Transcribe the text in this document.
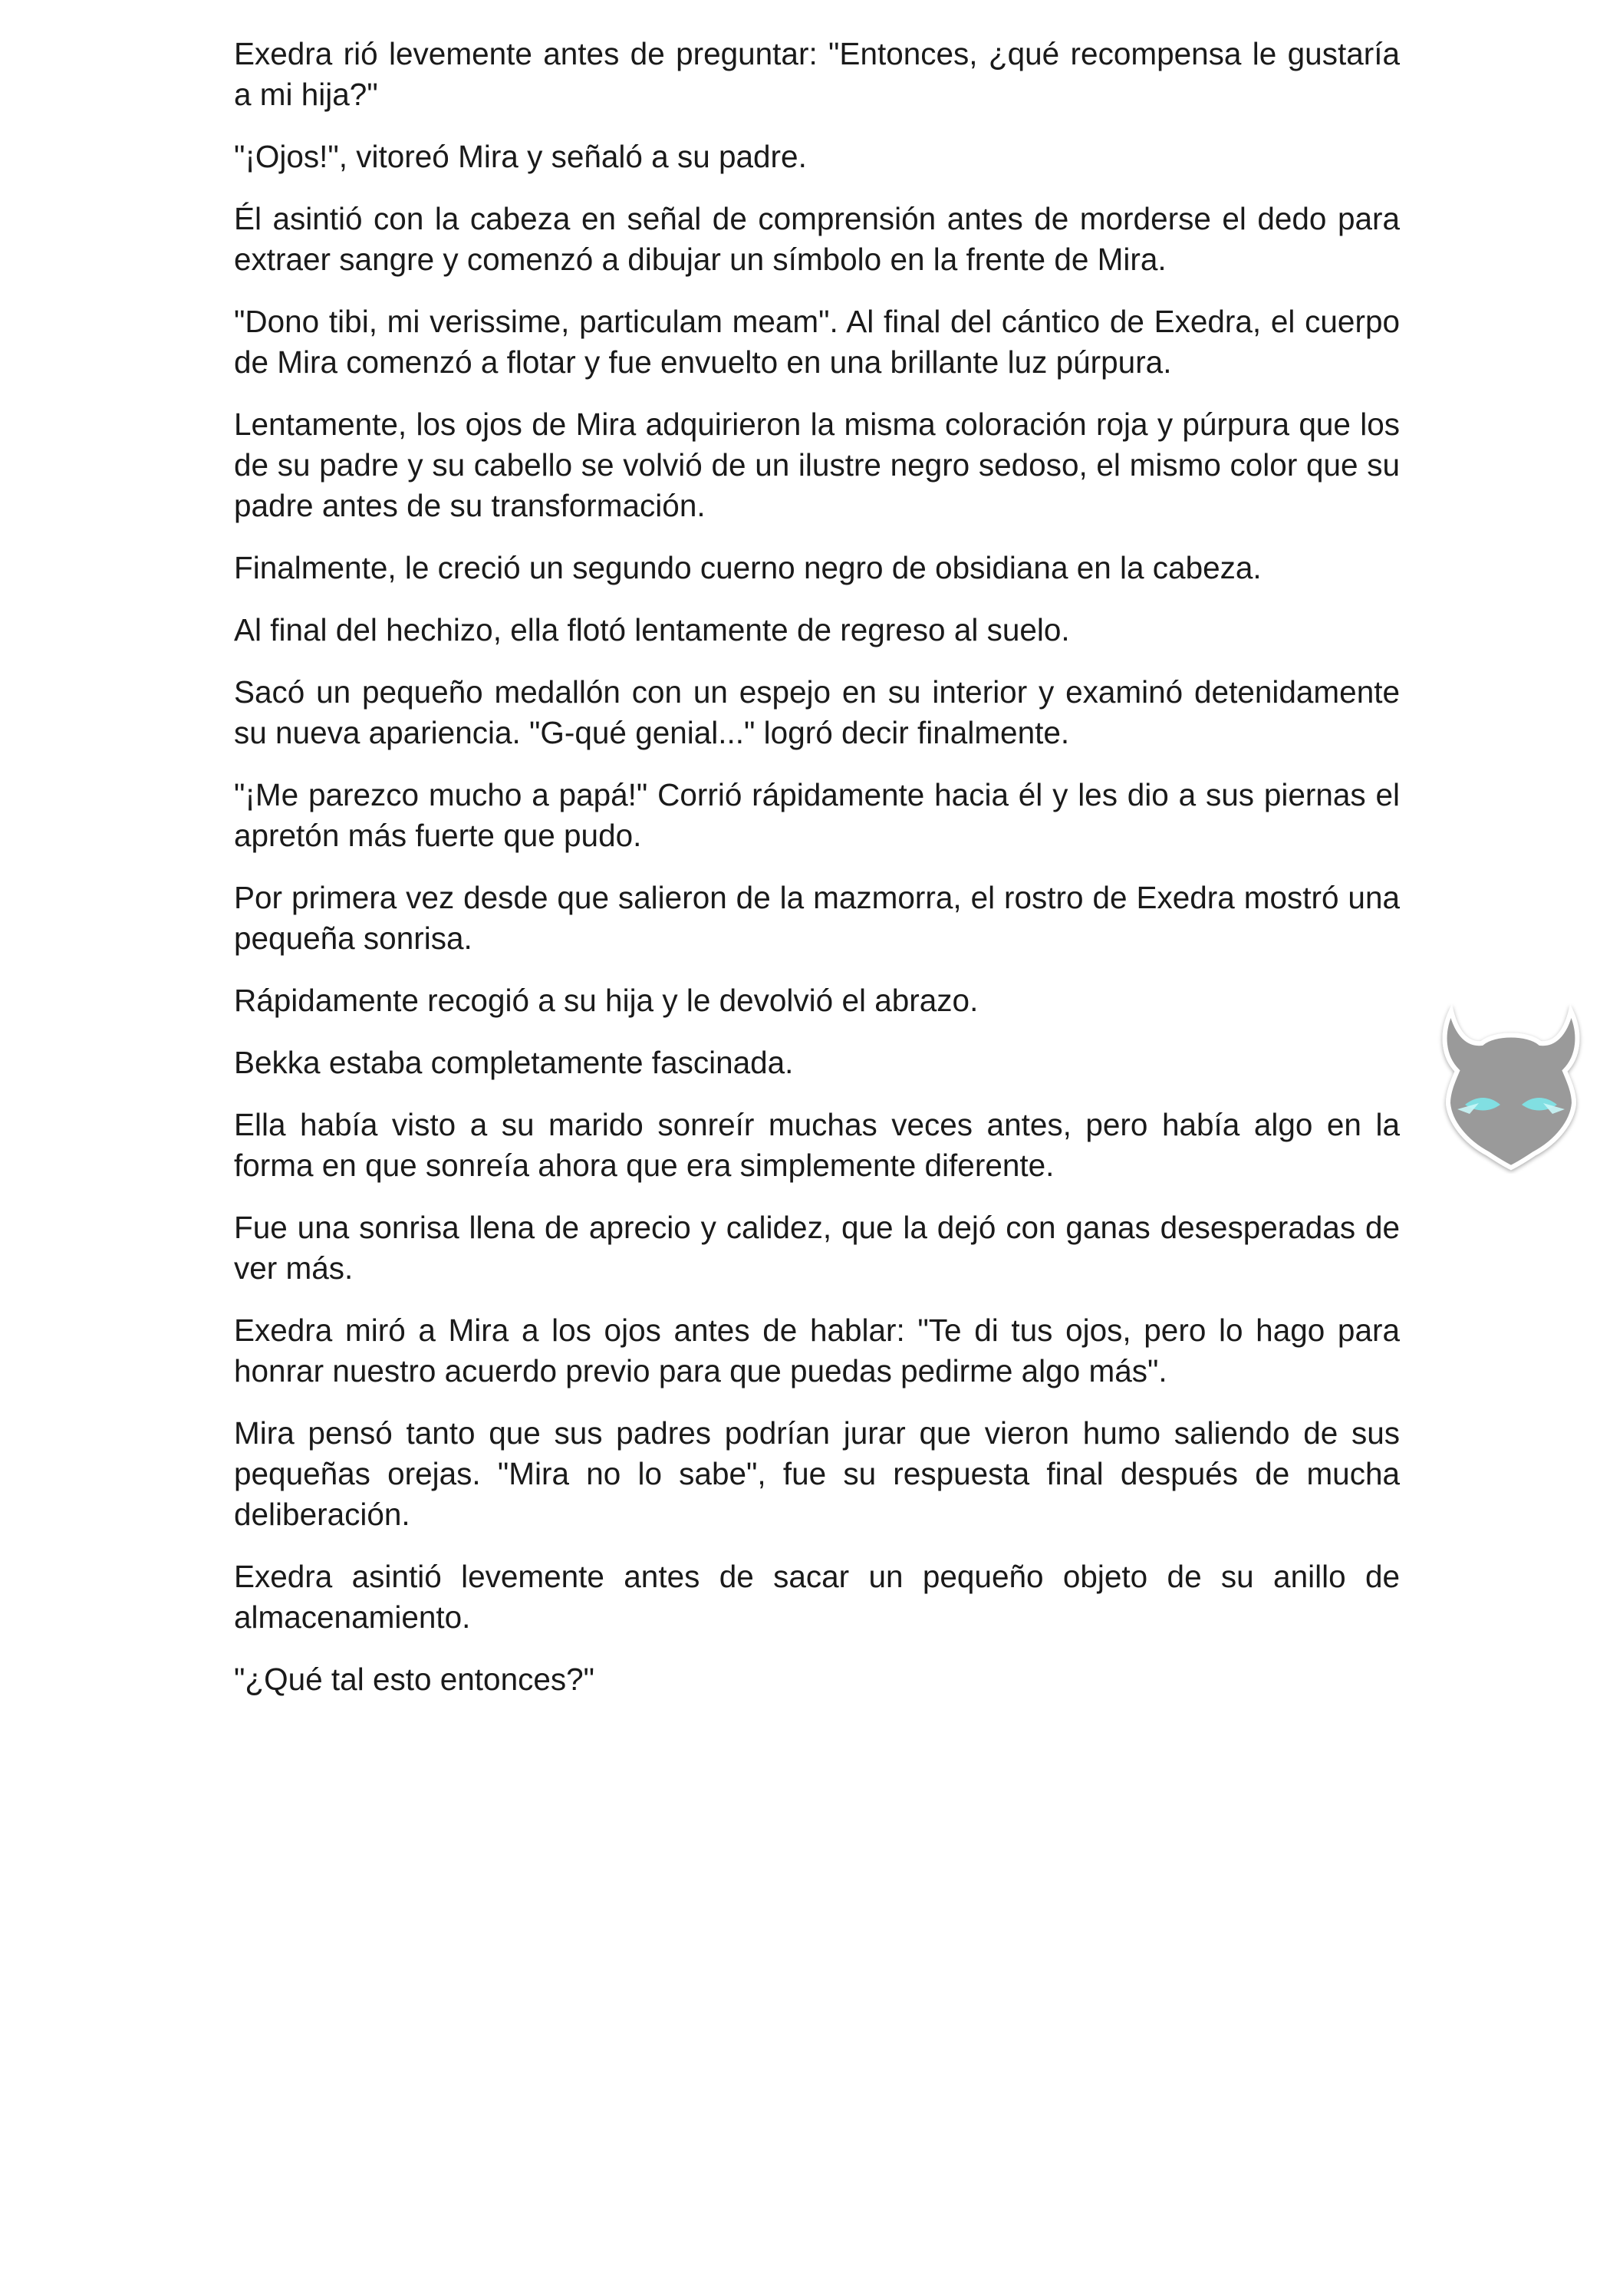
Exedra rió levemente antes de preguntar: "Entonces, ¿qué recompensa le gustaría a mi hija?"

"¡Ojos!", vitoreó Mira y señaló a su padre.

Él asintió con la cabeza en señal de comprensión antes de morderse el dedo para extraer sangre y comenzó a dibujar un símbolo en la frente de Mira.

"Dono tibi, mi verissime, particulam meam". Al final del cántico de Exedra, el cuerpo de Mira comenzó a flotar y fue envuelto en una brillante luz púrpura.

Lentamente, los ojos de Mira adquirieron la misma coloración roja y púrpura que los de su padre y su cabello se volvió de un ilustre negro sedoso, el mismo color que su padre antes de su transformación.

Finalmente, le creció un segundo cuerno negro de obsidiana en la cabeza.

Al final del hechizo, ella flotó lentamente de regreso al suelo.

Sacó un pequeño medallón con un espejo en su interior y examinó detenidamente su nueva apariencia. "G-qué genial..." logró decir finalmente.

"¡Me parezco mucho a papá!" Corrió rápidamente hacia él y les dio a sus piernas el apretón más fuerte que pudo.

Por primera vez desde que salieron de la mazmorra, el rostro de Exedra mostró una pequeña sonrisa.

Rápidamente recogió a su hija y le devolvió el abrazo.

Bekka estaba completamente fascinada.

Ella había visto a su marido sonreír muchas veces antes, pero había algo en la forma en que sonreía ahora que era simplemente diferente.

Fue una sonrisa llena de aprecio y calidez, que la dejó con ganas desesperadas de ver más.

Exedra miró a Mira a los ojos antes de hablar: "Te di tus ojos, pero lo hago para honrar nuestro acuerdo previo para que puedas pedirme algo más".

Mira pensó tanto que sus padres podrían jurar que vieron humo saliendo de sus pequeñas orejas. "Mira no lo sabe", fue su respuesta final después de mucha deliberación.

Exedra asintió levemente antes de sacar un pequeño objeto de su anillo de almacenamiento.

"¿Qué tal esto entonces?"
